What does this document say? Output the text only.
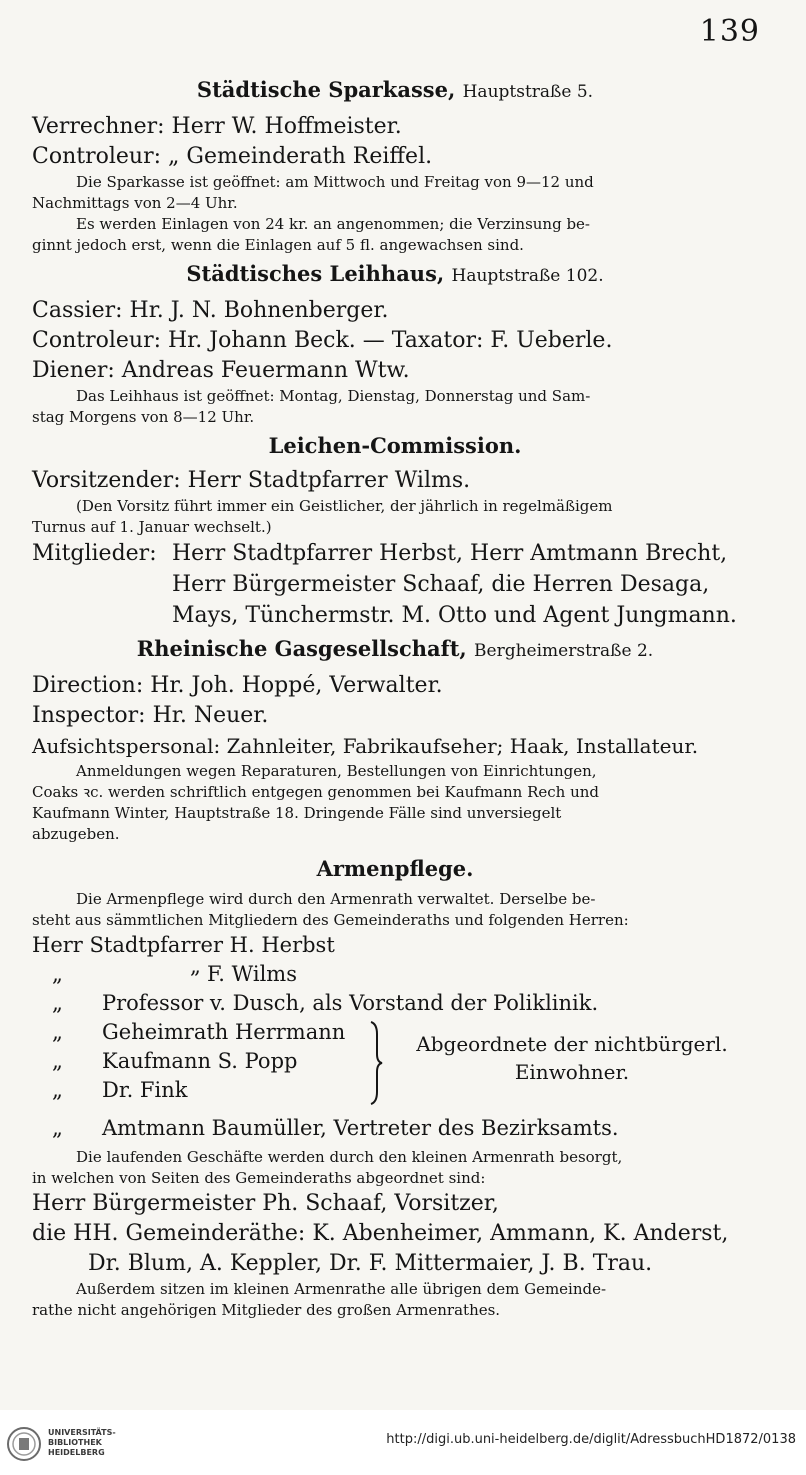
139
Städtische Sparkasse, Hauptstraße 5.
Verrechner: Herr W. Hoffmeister.
Controleur: „ Gemeinderath Reiffel.
Die Sparkasse ist geöffnet: am Mittwoch und Freitag von 9—12 und
Nachmittags von 2—4 Uhr.
Es werden Einlagen von 24 kr. an angenommen; die Verzinsung be-
ginnt jedoch erst, wenn die Einlagen auf 5 fl. angewachsen sind.
Städtisches Leihhaus, Hauptstraße 102.
Cassier: Hr. J. N. Bohnenberger.
Controleur: Hr. Johann Beck. — Taxator: F. Ueberle.
Diener: Andreas Feuermann Wtw.
Das Leihhaus ist geöffnet: Montag, Dienstag, Donnerstag und Sam-
stag Morgens von 8—12 Uhr.
Leichen-Commission.
Vorsitzender: Herr Stadtpfarrer Wilms.
(Den Vorsitz führt immer ein Geistlicher, der jährlich in regelmäßigem
Turnus auf 1. Januar wechselt.)
Mitglieder: Herr Stadtpfarrer Herbst, Herr Amtmann Brecht,
Herr Bürgermeister Schaaf, die Herren Desaga,
Mays, Tünchermstr. M. Otto und Agent Jungmann.
Rheinische Gasgesellschaft, Bergheimerstraße 2.
Direction: Hr. Joh. Hoppé, Verwalter.
Inspector: Hr. Neuer.
Aufsichtspersonal: Zahnleiter, Fabrikaufseher; Haak, Installateur.
Anmeldungen wegen Reparaturen, Bestellungen von Einrichtungen,
Coaks ꝛc. werden schriftlich entgegen genommen bei Kaufmann Rech und
Kaufmann Winter, Hauptstraße 18. Dringende Fälle sind unversiegelt
abzugeben.
Armenpflege.
Die Armenpflege wird durch den Armenrath verwaltet. Derselbe be-
steht aus sämmtlichen Mitgliedern des Gemeinderaths und folgenden Herren:
Herr Stadtpfarrer H. Herbst
„	„ F. Wilms
„ Professor v. Dusch, als Vorstand der Poliklinik.
„ Geheimrath Herrmann
„ Kaufmann S. Popp
„ Dr. Fink
Abgeordnete der nichtbürgerl.
Einwohner.
„ Amtmann Baumüller, Vertreter des Bezirksamts.
Die laufenden Geschäfte werden durch den kleinen Armenrath besorgt,
in welchen von Seiten des Gemeinderaths abgeordnet sind:
Herr Bürgermeister Ph. Schaaf, Vorsitzer,
die HH. Gemeinderäthe: K. Abenheimer, Ammann, K. Anderst,
Dr. Blum, A. Keppler, Dr. F. Mittermaier, J. B. Trau.
Außerdem sitzen im kleinen Armenrathe alle übrigen dem Gemeinde-
rathe nicht angehörigen Mitglieder des großen Armenrathes.
UNIVERSITÄTS-
BIBLIOTHEK
HEIDELBERG
http://digi.ub.uni-heidelberg.de/diglit/AdressbuchHD1872/0138
